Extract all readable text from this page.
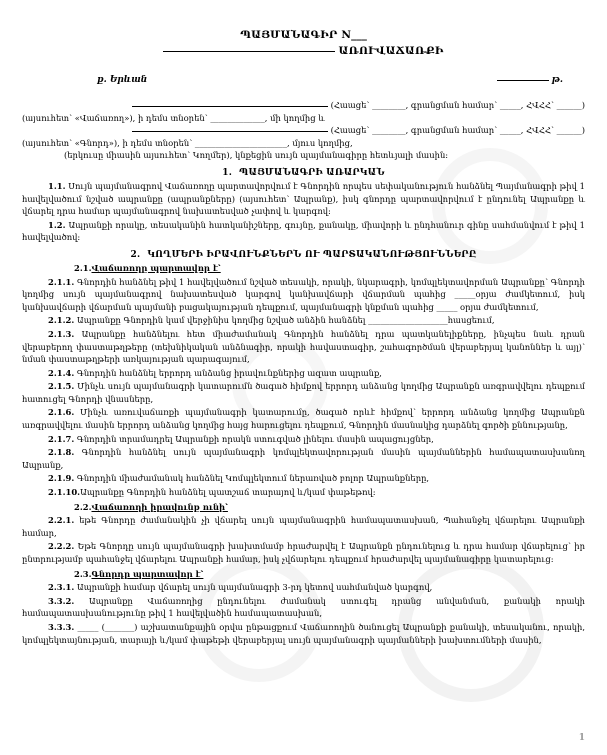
ՊԱՅՄԱՆԱԳԻՐ N___
ԱՌՈՒՎԱՃԱՌՔԻ
ք. Երևան	թ.

(Հաացե՝ ________, գրանցման համար՝ _____, ՀՎՀՀ՝ ______)

(այսուհետ՝ «Վաճառող»), ի դեմս տնօրեն՝ _____________, մի կողմից և

(Հաացե՝ ________, գրանցման համար՝ _____, ՀՎՀՀ՝ ______)

(այսուհետ՝ «Գնորդ»), ի դեմս տնօրեն՝ ______________________, մյուս կողմից,

(երկուսը միասին այսուհետ՝ Կողմեր), կնքեցին սույն պայմանագիրը հետևյալի մասին:

1. ՊԱՅՄԱՆԱԳՐԻ ԱՌԱՐԿԱՆ

1.1. Սույն պայմանագրով Վաճառողը պարտավորվում է Գնորդին որպես սեփականություն հանձնել Պայմանագրի թիվ 1 հավելվածում նշված ապրանքը (ապրանքները) (այսուհետ՝ Ապրանք), իսկ գնորդը պարտավորվում է ընդունել Ապրանքը և վճարել դրա համար պայմանագրով նախատեսված չափով և կարգով:

1.2. Ապրանքի որակը, տեսականին հատկանիշները, գույնը, քանակը, միավորի և ընդհանուր գինը սահմանվում է թիվ 1 հավելվածով:

2. ԿՈՂՄԵՐԻ ԻՐԱՎՈՒՆՔՆԵՐՆ ՈՒ ՊԱՐՏԱԿԱՆՈՒԹՅՈՒՆՆԵՐԸ

2.1.Վաճառողը պարտավոր է՝

2.1.1. Գնորդին հանձնել թիվ 1 հավելվածում նշված տեսակի, որակի, նկարագրի, կոմպլեկտավորման Ապրանքը՝ Գնորդի կողմից սույն պայմանագրով նախատեսված կարգով կանխավճարի վճարման պահից _____օրյա ժամկետում, իսկ կանխավճարի վճարման պայմանի բացակայության դեպքում, պայմանագրի կնքման պահից _____ օրյա ժամկետում,

2.1.2. Ապրանքը Գնորդին կամ վերջինիս կողմից նշված անձին հանձնել ___________________հասցեում,

2.1.3. Ապրանքը հանձնելու հետ միաժամանակ Գնորդին հանձնել դրա պատկանելիքները, ինչպես նաև դրան վերաբերող փաստաթղթերը (տեխնիկական անձնագիր, որակի հավաստագիր, շահագործման վերաբերյալ կանոններ և այլ)՝ նման փաստաթղթերի առկայության պարագայում,

2.1.4. Գնորդին հանձնել երրորդ անձանց իրավունքներից ազատ ապրանք,

2.1.5. Մինչև սույն պայմանագրի կատարումն ծագած հիմքով երրորդ անձանց կողմից Ապրանքն առգրավվելու դեպքում հատուցել Գնորդի վնասները,

2.1.6. Մինչև առուվաճառքի պայմանագրի կատարումը, ծագած որևէ հիմքով՝ երրորդ անձանց կողմից Ապրանքն առգրավվելու մասին երրորդ անձանց կողմից հայց հարուցելու դեպքում, Գնորդին մասնակից դարձնել գործի քննությանը,

2.1.7. Գնորդին տրամադրել Ապրանքի որակն ստուգված լինելու մասին ապացույցներ,

2.1.8. Գնորդին հանձնել սույն պայմանագրի կոմպլեկտավորության մասին պայմաններին համապատասխանող Ապրանք,

2.1.9. Գնորդին միաժամանակ հանձնել Կոմպլեկտում ներառված բոլոր Ապրանքները,

2.1.10.Ապրանքը Գնորդին հանձնել պատշաճ տարայով և/կամ փաթեթով:

2.2.Վաճառողի իրավունք ունի՝

2.2.1. եթե Գնորդը ժամանակին չի վճարել սույն պայմանագրին համապատասխան, Պահանջել վճարելու Ապրանքի համար,

2.2.2. Եթե Գնորդը սույն պայմանագրի խախտմամբ հրաժարվել է Ապրանքն ընդունելուց և դրա համար վճարելուց՝ իր ընտրությամբ պահանջել վճարելու Ապրանքի համար, իսկ չվճարելու դեպքում հրաժարվել պայմանագիրը կատարելուց:

2.3.Գնորդը պարտավոր է՝

2.3.1. Ապրանքի համար վճարել սույն պայմանագրի 3-րդ կետով սահմանված կարգով,

3.3.2. Ապրանքը Վաճառողից ընդունելու ժամանակ ստուգել դրանց անվանման, քանակի որակի համապատասխանությունը թիվ 1 հավելվածին համապատասխան,

3.3.3. _____ (_______) աշխատանքային օրվա ընթացքում Վաճառողին ծանուցել Ապրանքի քանակի, տեսականու, որակի, կոմպլեկտայնության, տարայի և/կամ փաթեթի վերաբերյալ սույն պայմանագրի պայմանների խախտումների մասին,

1
